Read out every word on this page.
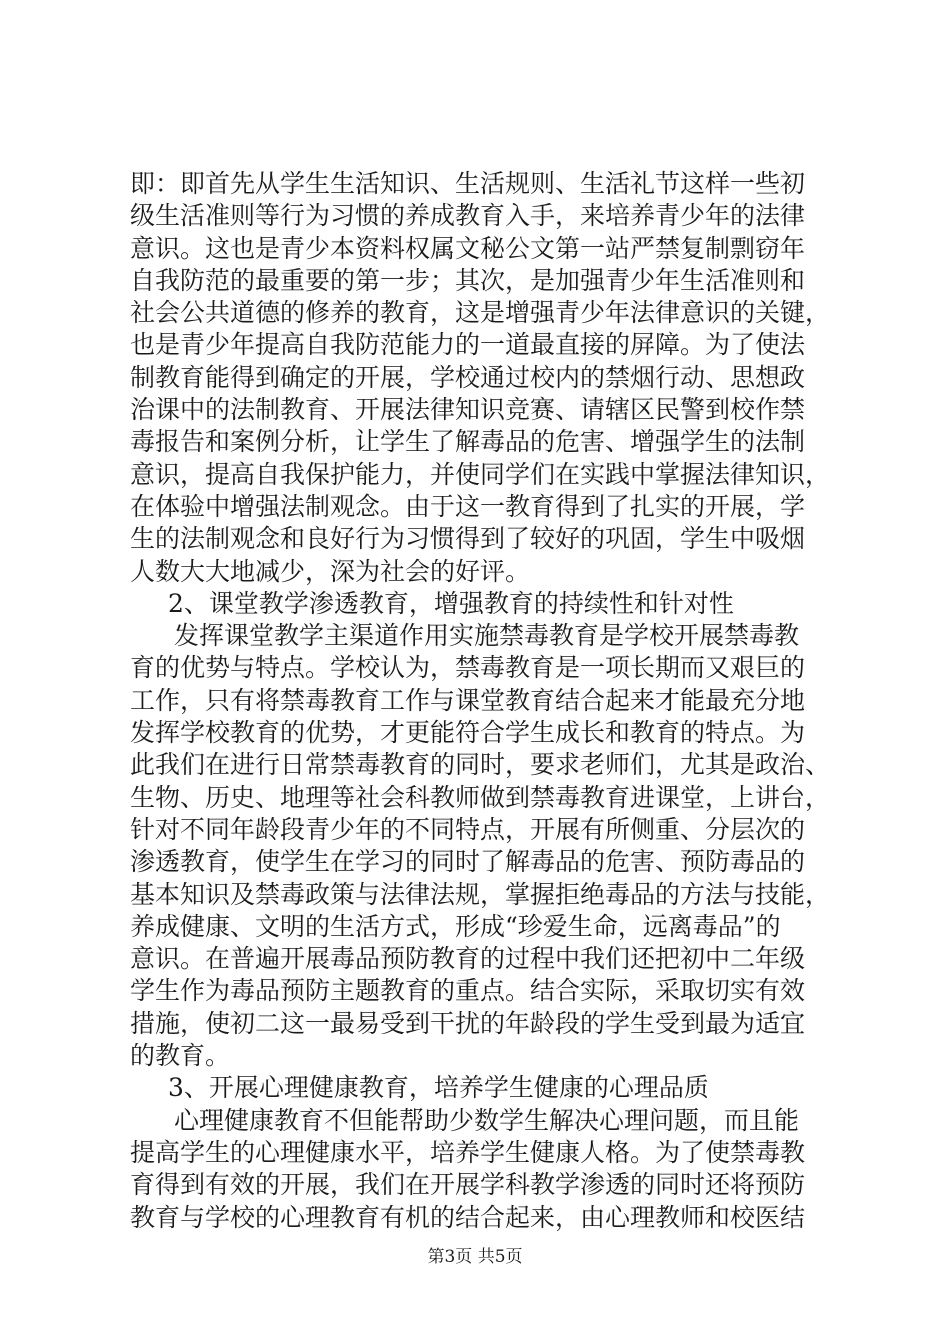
即：即首先从学生生活知识、生活规则、生活礼节这样一些初
级生活准则等行为习惯的养成教育入手，来培养青少年的法律
意识。这也是青少本资料权属文秘公文第一站严禁复制剽窃年
自我防范的最重要的第一步；其次，是加强青少年生活准则和
社会公共道德的修养的教育，这是增强青少年法律意识的关键，
也是青少年提高自我防范能力的一道最直接的屏障。为了使法
制教育能得到确定的开展，学校通过校内的禁烟行动、思想政
治课中的法制教育、开展法律知识竞赛、请辖区民警到校作禁
毒报告和案例分析，让学生了解毒品的危害、增强学生的法制
意识，提高自我保护能力，并使同学们在实践中掌握法律知识，
在体验中增强法制观念。由于这一教育得到了扎实的开展，学
生的法制观念和良好行为习惯得到了较好的巩固，学生中吸烟
人数大大地减少，深为社会的好评。
2、课堂教学渗透教育，增强教育的持续性和针对性
发挥课堂教学主渠道作用实施禁毒教育是学校开展禁毒教
育的优势与特点。学校认为，禁毒教育是一项长期而又艰巨的
工作，只有将禁毒教育工作与课堂教育结合起来才能最充分地
发挥学校教育的优势，才更能符合学生成长和教育的特点。为
此我们在进行日常禁毒教育的同时，要求老师们，尤其是政治、
生物、历史、地理等社会科教师做到禁毒教育进课堂，上讲台，
针对不同年龄段青少年的不同特点，开展有所侧重、分层次的
渗透教育，使学生在学习的同时了解毒品的危害、预防毒品的
基本知识及禁毒政策与法律法规，掌握拒绝毒品的方法与技能，
养成健康、文明的生活方式，形成“珍爱生命，远离毒品”的
意识。在普遍开展毒品预防教育的过程中我们还把初中二年级
学生作为毒品预防主题教育的重点。结合实际，采取切实有效
措施，使初二这一最易受到干扰的年龄段的学生受到最为适宜
的教育。
3、开展心理健康教育，培养学生健康的心理品质
心理健康教育不但能帮助少数学生解决心理问题，而且能
提高学生的心理健康水平，培养学生健康人格。为了使禁毒教
育得到有效的开展，我们在开展学科教学渗透的同时还将预防
教育与学校的心理教育有机的结合起来，由心理教师和校医结
第3页 共5页
